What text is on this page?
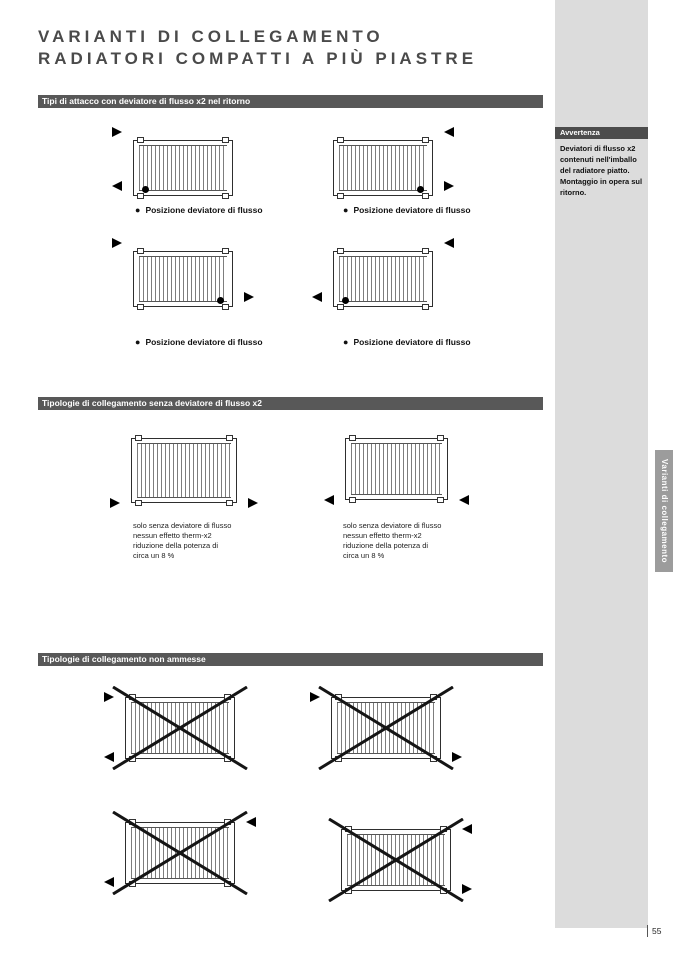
VARIANTI DI COLLEGAMENTO
RADIATORI COMPATTI A PIÙ PIASTRE
Avvertenza
Deviatori di flusso x2 contenuti nell'imballo del radiatore piatto. Montaggio in opera sul ritorno.
Varianti di collegamento
Tipi di attacco con deviatore di flusso x2 nel ritorno
● Posizione deviatore di flusso	● Posizione deviatore di flusso
● Posizione deviatore di flusso	● Posizione deviatore di flusso
Tipologie di collegamento senza deviatore di flusso x2
solo senza deviatore di flusso
nessun effetto therm-x2
riduzione della potenza di
circa un 8 %
solo senza deviatore di flusso
nessun effetto therm-x2
riduzione della potenza di
circa un 8 %
Tipologie di collegamento non ammesse
55
